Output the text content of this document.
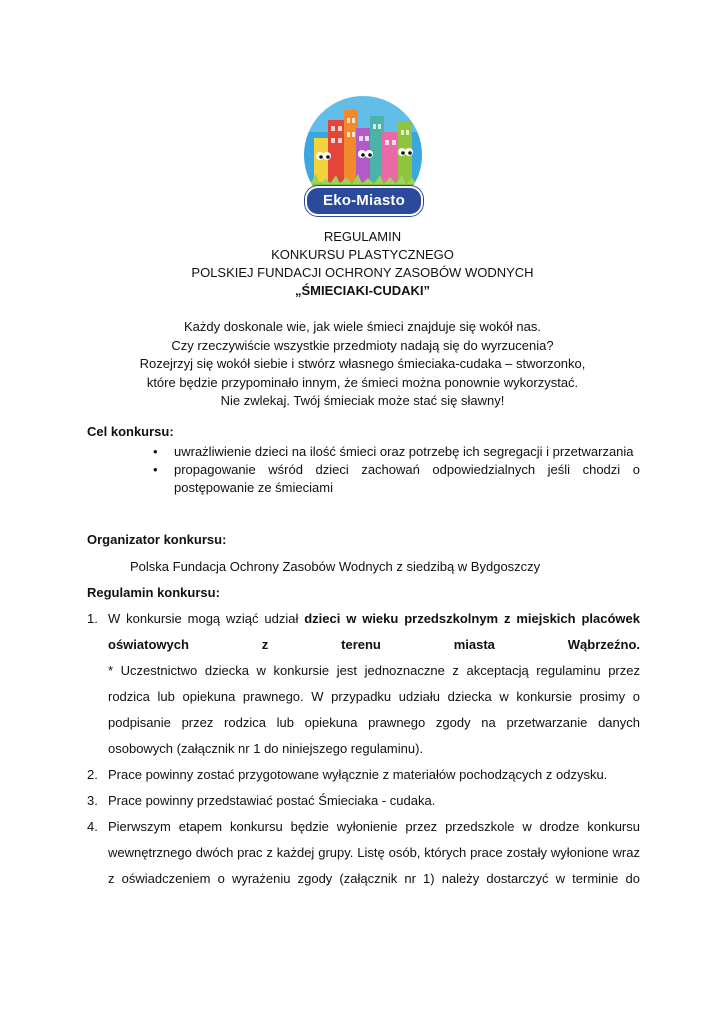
Eko-Miasto
REGULAMIN
KONKURSU PLASTYCZNEGO
POLSKIEJ FUNDACJI OCHRONY ZASOBÓW WODNYCH
„ŚMIECIAKI-CUDAKI”
Każdy doskonale wie, jak wiele śmieci znajduje się wokół nas.
Czy rzeczywiście wszystkie przedmioty nadają się do wyrzucenia?
Rozejrzyj się wokół siebie i stwórz własnego śmieciaka-cudaka – stworzonko,
które będzie przypominało innym, że śmieci można ponownie wykorzystać.
Nie zwlekaj. Twój śmieciak może stać się sławny!
Cel konkursu:
• uwrażliwienie dzieci na ilość śmieci oraz potrzebę ich segregacji i przetwarzania
• propagowanie wśród dzieci zachowań odpowiedzialnych jeśli chodzi o postępowanie ze śmieciami
Organizator konkursu:
Polska Fundacja Ochrony Zasobów Wodnych z siedzibą w Bydgoszczy
Regulamin konkursu:
1. W konkursie mogą wziąć udział dzieci w wieku przedszkolnym z miejskich placówek oświatowych z terenu miasta Wąbrzeźno.
* Uczestnictwo dziecka w konkursie jest jednoznaczne z akceptacją regulaminu przez rodzica lub opiekuna prawnego. W przypadku udziału dziecka w konkursie prosimy o podpisanie przez rodzica lub opiekuna prawnego zgody na przetwarzanie danych osobowych (załącznik nr 1 do niniejszego regulaminu).
2. Prace powinny zostać przygotowane wyłącznie z materiałów pochodzących z odzysku.
3. Prace powinny przedstawiać postać Śmieciaka - cudaka.
4. Pierwszym etapem konkursu będzie wyłonienie przez przedszkole w drodze konkursu wewnętrznego dwóch prac z każdej grupy. Listę osób, których prace zostały wyłonione wraz z oświadczeniem o wyrażeniu zgody (załącznik nr 1) należy dostarczyć w terminie do
